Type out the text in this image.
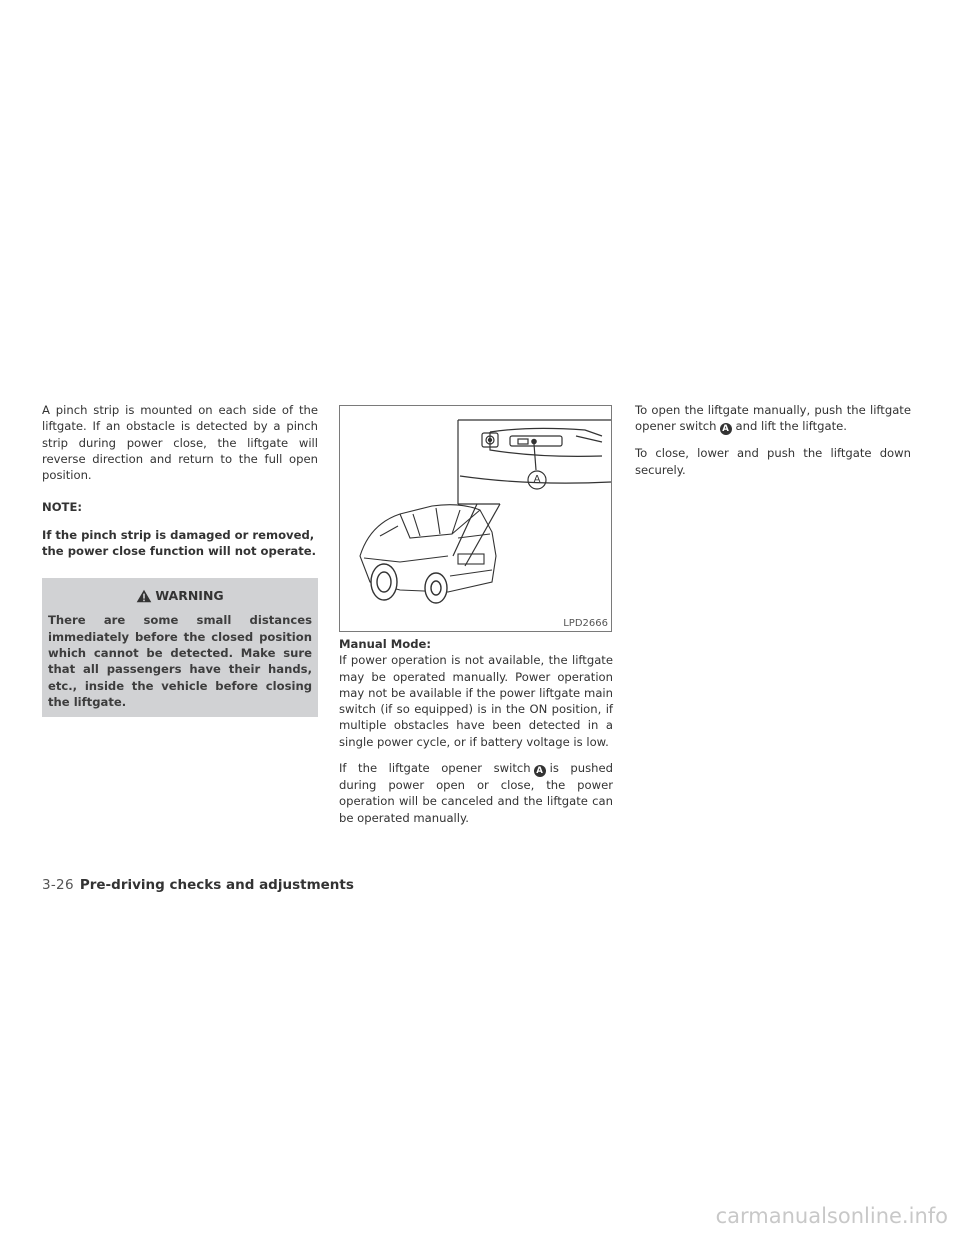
A pinch strip is mounted on each side of the liftgate. If an obstacle is detected by a pinch strip during power close, the liftgate will reverse direction and return to the full open position.

NOTE:

If the pinch strip is damaged or removed, the power close function will not operate.

WARNING

There are some small distances immediately before the closed position which cannot be detected. Make sure that all passengers have their hands, etc., inside the vehicle before closing the liftgate.

A
LPD2666

Manual Mode:

If power operation is not available, the liftgate may be operated manually. Power operation may not be available if the power liftgate main switch (if so equipped) is in the ON position, if multiple obstacles have been detected in a single power cycle, or if battery voltage is low.

If the liftgate opener switch A is pushed during power open or close, the power operation will be canceled and the liftgate can be operated manually.

To open the liftgate manually, push the liftgate opener switch A and lift the liftgate.

To close, lower and push the liftgate down securely.

3-26 Pre-driving checks and adjustments
carmanualsonline.info
